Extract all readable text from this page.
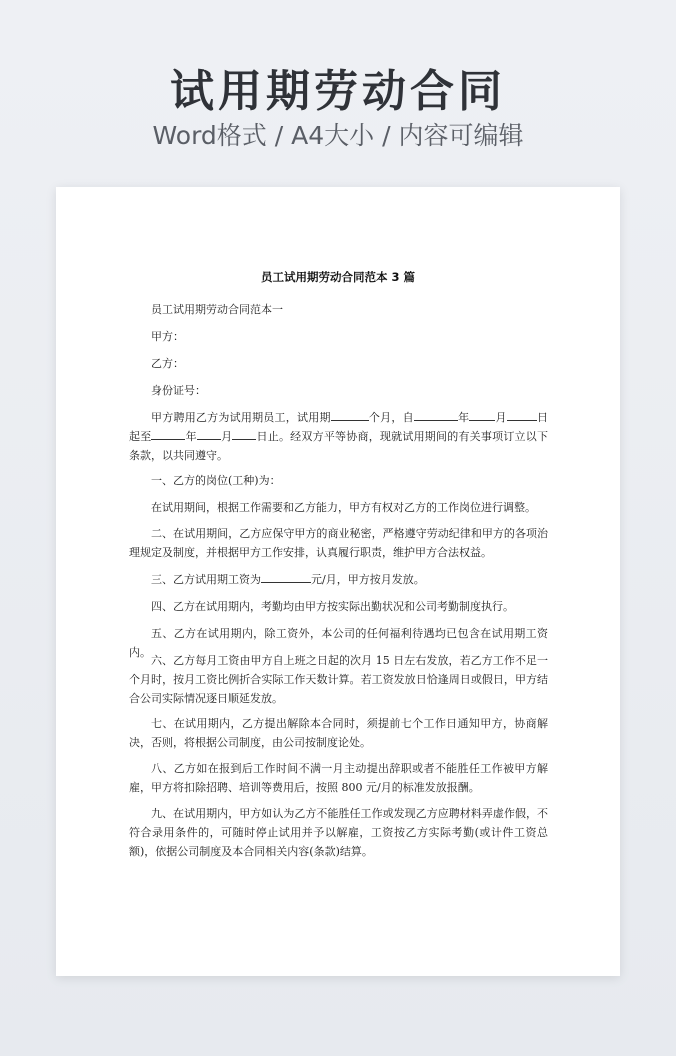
试用期劳动合同
Word格式 / A4大小 / 内容可编辑
员工试用期劳动合同范本 3 篇
员工试用期劳动合同范本一
甲方：
乙方：
身份证号：
甲方聘用乙方为试用期员工，试用期	个月，自	年 月	日起至	年 月 日止。经双方平等协商，现就试用期间的有关事项订立以下条款，以共同遵守。
一、乙方的岗位(工种)为：
在试用期间，根据工作需要和乙方能力，甲方有权对乙方的工作岗位进行调整。
二、在试用期间，乙方应保守甲方的商业秘密，严格遵守劳动纪律和甲方的各项治理规定及制度，并根据甲方工作安排，认真履行职责，维护甲方合法权益。
三、乙方试用期工资为	元/月，甲方按月发放。
四、乙方在试用期内，考勤均由甲方按实际出勤状况和公司考勤制度执行。
五、乙方在试用期内，除工资外，本公司的任何福利待遇均已包含在试用期工资内。
六、乙方每月工资由甲方自上班之日起的次月 15 日左右发放，若乙方工作不足一个月时，按月工资比例折合实际工作天数计算。若工资发放日恰逢周日或假日，甲方结合公司实际情况逐日顺延发放。
七、在试用期内，乙方提出解除本合同时，须提前七个工作日通知甲方，协商解决，否则，将根据公司制度，由公司按制度论处。
八、乙方如在报到后工作时间不满一月主动提出辞职或者不能胜任工作被甲方解雇，甲方将扣除招聘、培训等费用后，按照 800 元/月的标准发放报酬。
九、在试用期内，甲方如认为乙方不能胜任工作或发现乙方应聘材料弄虚作假，不符合录用条件的，可随时停止试用并予以解雇，工资按乙方实际考勤(或计件工资总额)，依据公司制度及本合同相关内容(条款)结算。
